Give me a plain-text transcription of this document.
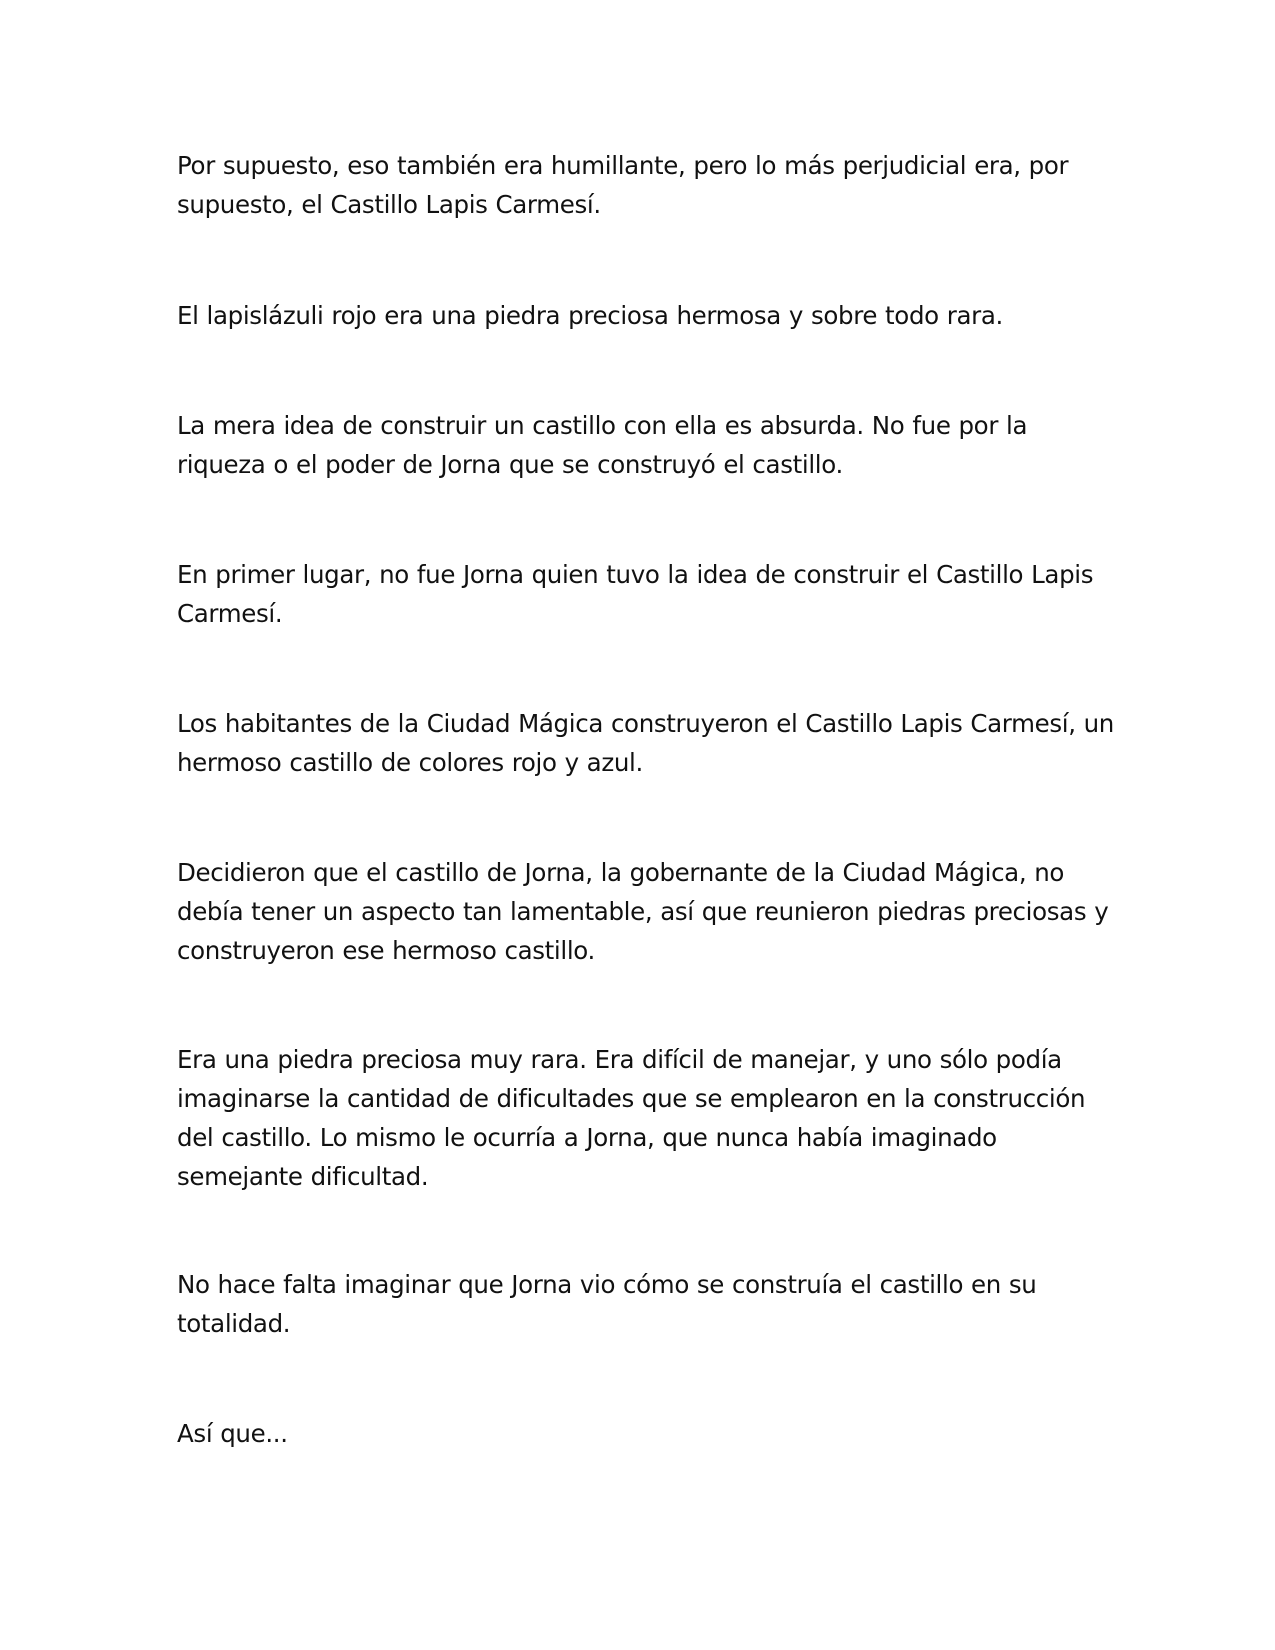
Por supuesto, eso también era humillante, pero lo más perjudicial era, por supuesto, el Castillo Lapis Carmesí.

El lapislázuli rojo era una piedra preciosa hermosa y sobre todo rara.

La mera idea de construir un castillo con ella es absurda. No fue por la riqueza o el poder de Jorna que se construyó el castillo.

En primer lugar, no fue Jorna quien tuvo la idea de construir el Castillo Lapis Carmesí.

Los habitantes de la Ciudad Mágica construyeron el Castillo Lapis Carmesí, un hermoso castillo de colores rojo y azul.

Decidieron que el castillo de Jorna, la gobernante de la Ciudad Mágica, no debía tener un aspecto tan lamentable, así que reunieron piedras preciosas y construyeron ese hermoso castillo.

Era una piedra preciosa muy rara. Era difícil de manejar, y uno sólo podía imaginarse la cantidad de dificultades que se emplearon en la construcción del castillo. Lo mismo le ocurría a Jorna, que nunca había imaginado semejante dificultad.

No hace falta imaginar que Jorna vio cómo se construía el castillo en su totalidad.

Así que...
